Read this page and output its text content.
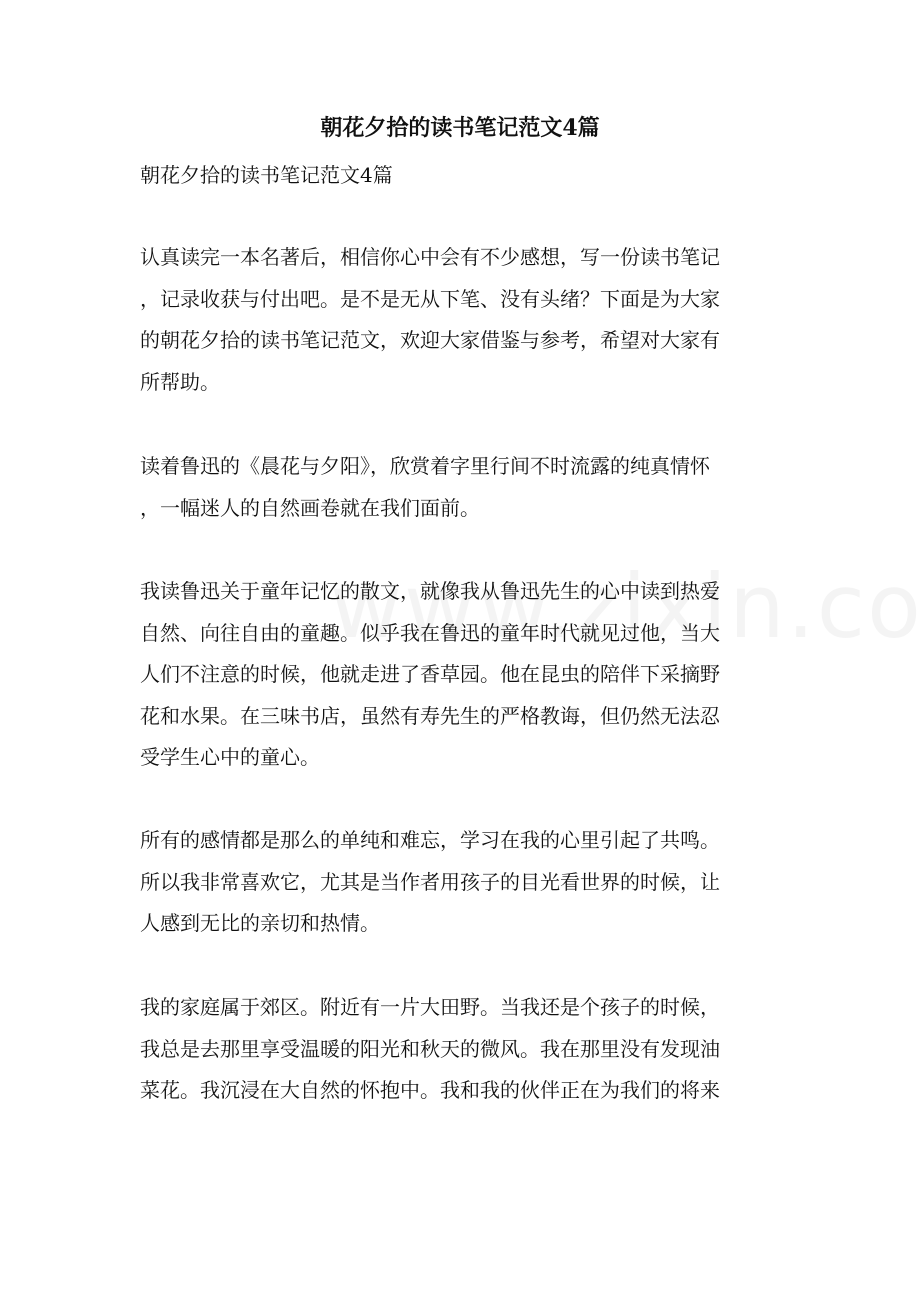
朝花夕拾的读书笔记范文4篇
朝花夕拾的读书笔记范文4篇
认真读完一本名著后，相信你心中会有不少感想，写一份读书笔记
，记录收获与付出吧。是不是无从下笔、没有头绪？下面是为大家
的朝花夕拾的读书笔记范文，欢迎大家借鉴与参考，希望对大家有
所帮助。
读着鲁迅的《晨花与夕阳》，欣赏着字里行间不时流露的纯真情怀
，一幅迷人的自然画卷就在我们面前。
我读鲁迅关于童年记忆的散文，就像我从鲁迅先生的心中读到热爱
自然、向往自由的童趣。似乎我在鲁迅的童年时代就见过他，当大
人们不注意的时候，他就走进了香草园。他在昆虫的陪伴下采摘野
花和水果。在三味书店，虽然有寿先生的严格教诲，但仍然无法忍
受学生心中的童心。
所有的感情都是那么的单纯和难忘，学习在我的心里引起了共鸣。
所以我非常喜欢它，尤其是当作者用孩子的目光看世界的时候，让
人感到无比的亲切和热情。
我的家庭属于郊区。附近有一片大田野。当我还是个孩子的时候，
我总是去那里享受温暖的阳光和秋天的微风。我在那里没有发现油
菜花。我沉浸在大自然的怀抱中。我和我的伙伴正在为我们的将来
